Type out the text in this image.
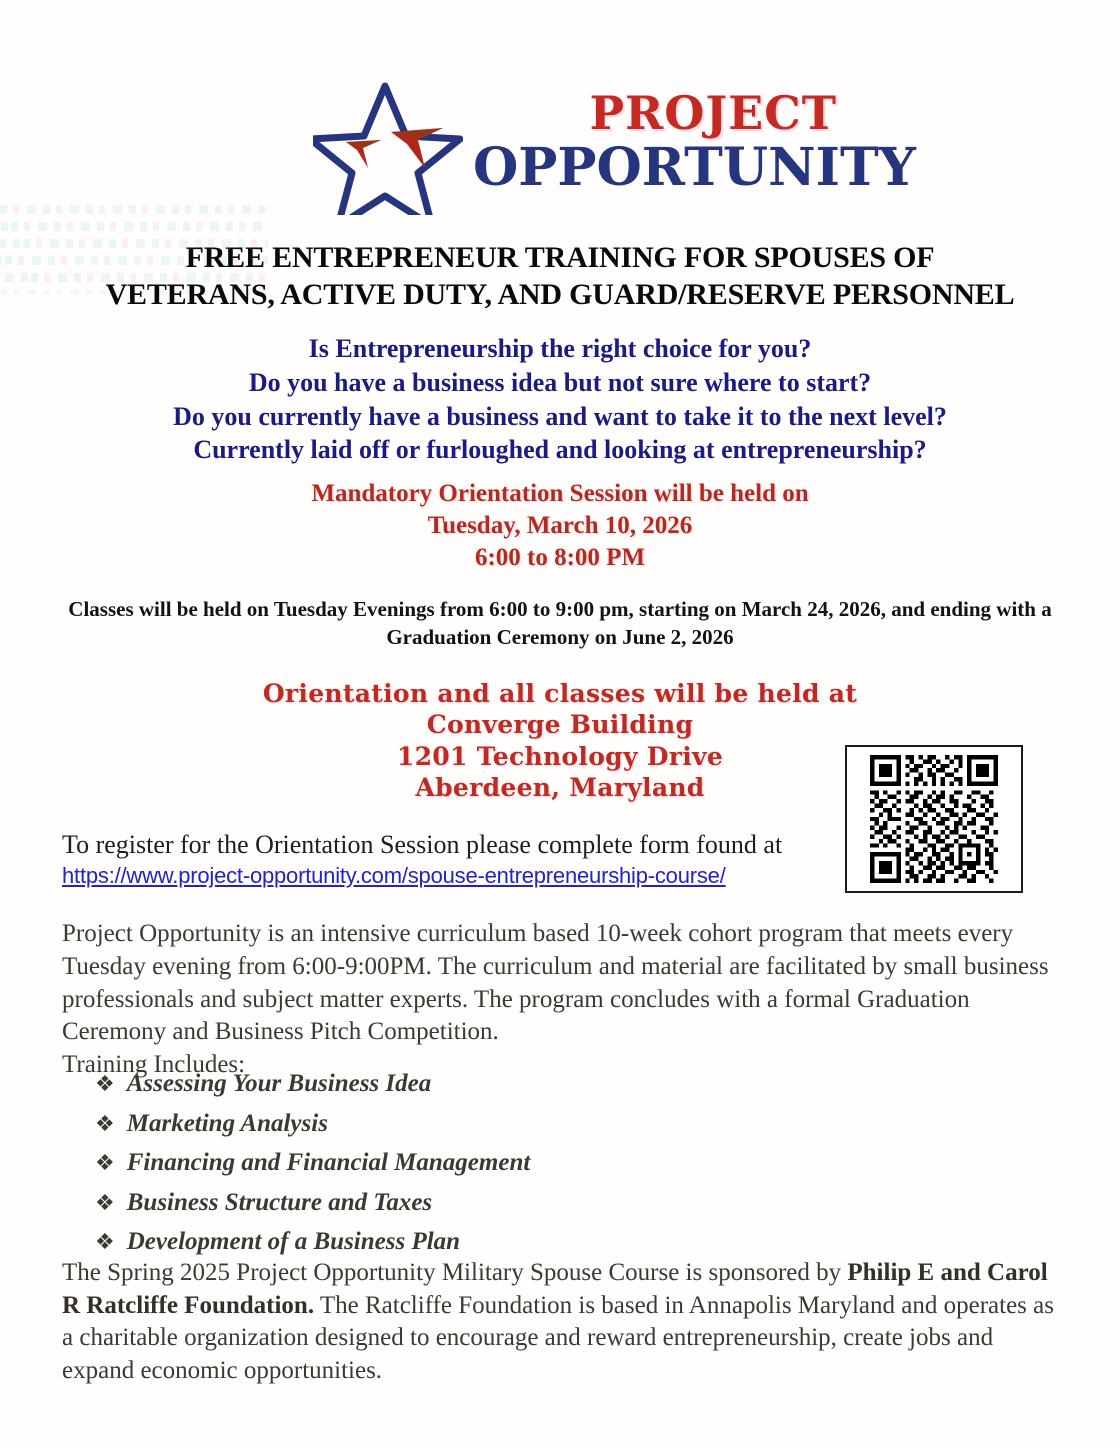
PROJECT
OPPORTUNITY
FREE ENTREPRENEUR TRAINING FOR SPOUSES OF
VETERANS, ACTIVE DUTY, AND GUARD/RESERVE PERSONNEL
Is Entrepreneurship the right choice for you?
Do you have a business idea but not sure where to start?
Do you currently have a business and want to take it to the next level?
Currently laid off or furloughed and looking at entrepreneurship?
Mandatory Orientation Session will be held on
Tuesday, March 10, 2026
6:00 to 8:00 PM
Classes will be held on Tuesday Evenings from 6:00 to 9:00 pm, starting on March 24, 2026, and ending with a Graduation Ceremony on June 2, 2026
Orientation and all classes will be held at
Converge Building
1201 Technology Drive
Aberdeen, Maryland
To register for the Orientation Session please complete form found at
https://www.project-opportunity.com/spouse-entrepreneurship-course/
Project Opportunity is an intensive curriculum based 10-week cohort program that meets every Tuesday evening from 6:00-9:00PM. The curriculum and material are facilitated by small business professionals and subject matter experts. The program concludes with a formal Graduation Ceremony and Business Pitch Competition.
Training Includes:
❖ Assessing Your Business Idea
❖ Marketing Analysis
❖ Financing and Financial Management
❖ Business Structure and Taxes
❖ Development of a Business Plan
The Spring 2025 Project Opportunity Military Spouse Course is sponsored by Philip E and Carol R Ratcliffe Foundation. The Ratcliffe Foundation is based in Annapolis Maryland and operates as a charitable organization designed to encourage and reward entrepreneurship, create jobs and expand economic opportunities.
